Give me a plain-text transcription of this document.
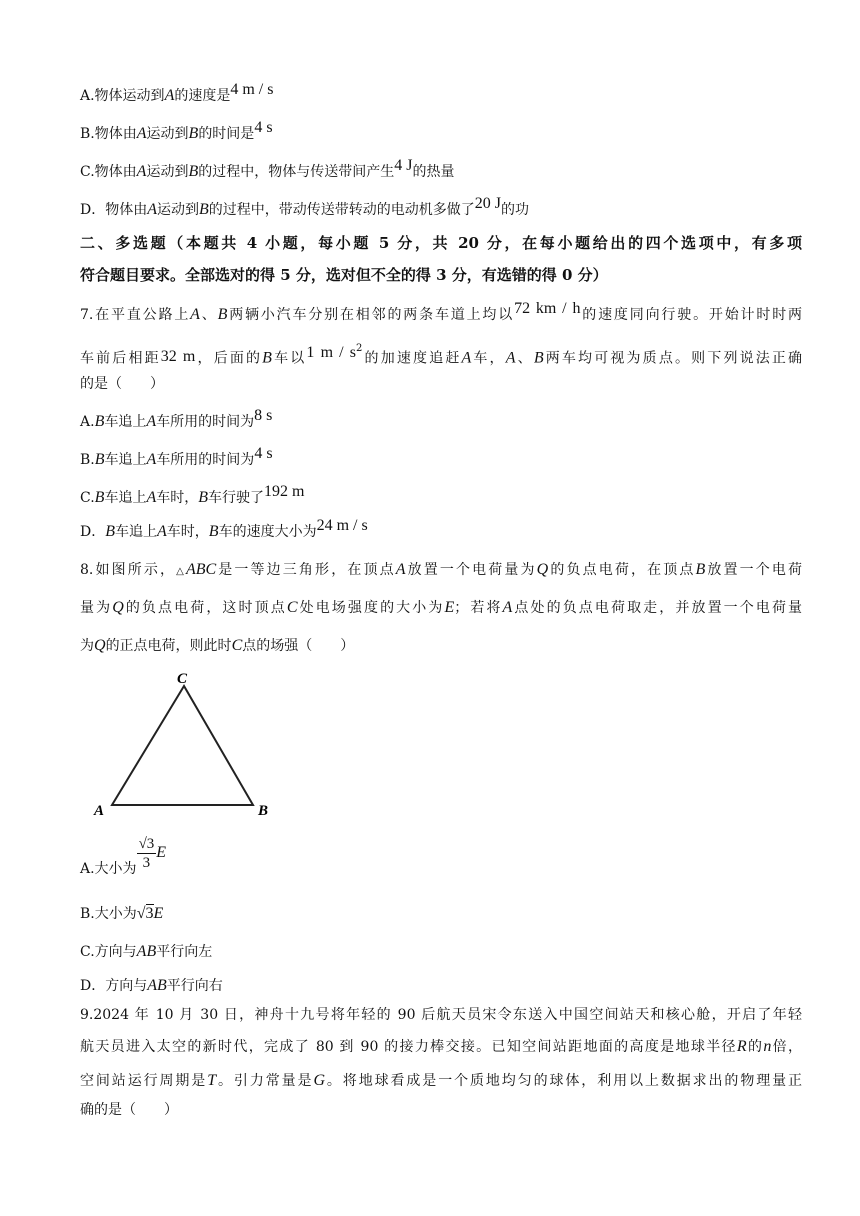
A.物体运动到A的速度是4 m / s
B.物体由A运动到B的时间是4 s
C.物体由A运动到B的过程中，物体与传送带间产生4 J的热量
D．物体由A运动到B的过程中，带动传送带转动的电动机多做了20 J的功
二、多选题（本题共 4 小题，每小题 5 分，共 20 分，在每小题给出的四个选项中，有多项
符合题目要求。全部选对的得 5 分，选对但不全的得 3 分，有选错的得 0 分）
7.在平直公路上A、B两辆小汽车分别在相邻的两条车道上均以72 km / h的速度同向行驶。开始计时时两
车前后相距32 m，后面的B车以1 m / $s^2$的加速度追赶A车，A、B两车均可视为质点。则下列说法正确
的是（　　）
A.B车追上A车所用的时间为8 s
B.B车追上A车所用的时间为4 s
C.B车追上A车时，B车行驶了192 m
D．B车追上A车时，B车的速度大小为24 m / s
8.如图所示，△ABC是一等边三角形，在顶点A放置一个电荷量为Q的负点电荷，在顶点B放置一个电荷
量为Q的负点电荷，这时顶点C处电场强度的大小为E；若将A点处的负点电荷取走，并放置一个电荷量
为Q的正点电荷，则此时C点的场强（　　）
C
A	B
A.大小为 $\frac{√3}{3}$ E
B.大小为√3E
C.方向与AB平行向左
D．方向与AB平行向右
9.2024 年 10 月 30 日，神舟十九号将年轻的 90 后航天员宋令东送入中国空间站天和核心舱，开启了年轻
航天员进入太空的新时代，完成了 80 到 90 的接力棒交接。已知空间站距地面的高度是地球半径R的n倍，
空间站运行周期是T。引力常量是G。将地球看成是一个质地均匀的球体，利用以上数据求出的物理量正
确的是（　　）
